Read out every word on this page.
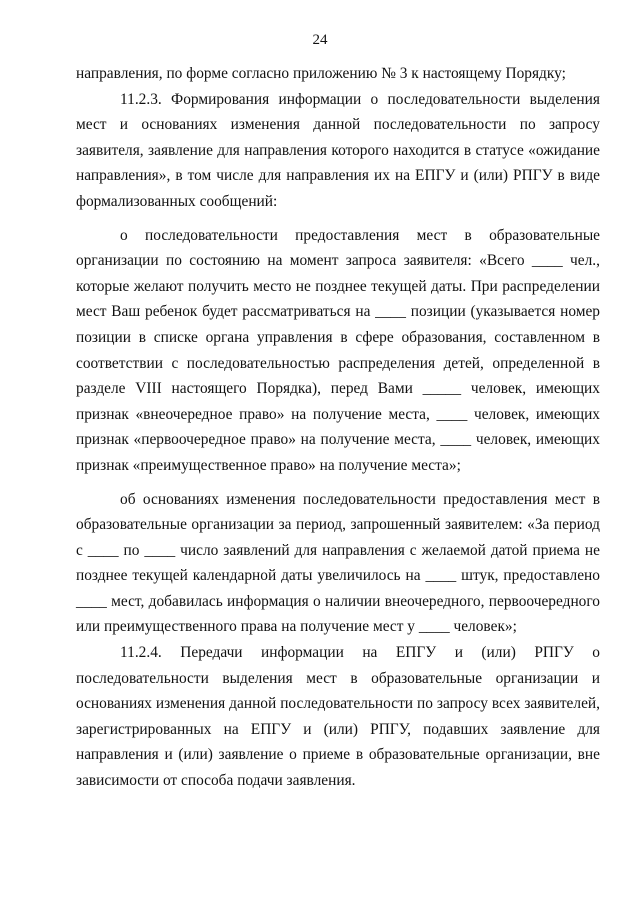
24

направления, по форме согласно приложению № 3 к настоящему Порядку;

11.2.3. Формирования информации о последовательности выделения мест и основаниях изменения данной последовательности по запросу заявителя, заявление для направления которого находится в статусе «ожидание направления», в том числе для направления их на ЕПГУ и (или) РПГУ в виде формализованных сообщений:

о последовательности предоставления мест в образовательные организации по состоянию на момент запроса заявителя: «Всего ____ чел., которые желают получить место не позднее текущей даты. При распределении мест Ваш ребенок будет рассматриваться на ____ позиции (указывается номер позиции в списке органа управления в сфере образования, составленном в соответствии с последовательностью распределения детей, определенной в разделе VIII настоящего Порядка), перед Вами _____ человек, имеющих признак «внеочередное право» на получение места, ____ человек, имеющих признак «первоочередное право» на получение места, ____ человек, имеющих признак «преимущественное право» на получение места»;

об основаниях изменения последовательности предоставления мест в образовательные организации за период, запрошенный заявителем: «За период с ____ по ____ число заявлений для направления с желаемой датой приема не позднее текущей календарной даты увеличилось на ____ штук, предоставлено ____ мест, добавилась информация о наличии внеочередного, первоочередного или преимущественного права на получение мест у ____ человек»;

11.2.4. Передачи информации на ЕПГУ и (или) РПГУ о последовательности выделения мест в образовательные организации и основаниях изменения данной последовательности по запросу всех заявителей, зарегистрированных на ЕПГУ и (или) РПГУ, подавших заявление для направления и (или) заявление о приеме в образовательные организации, вне зависимости от способа подачи заявления.
